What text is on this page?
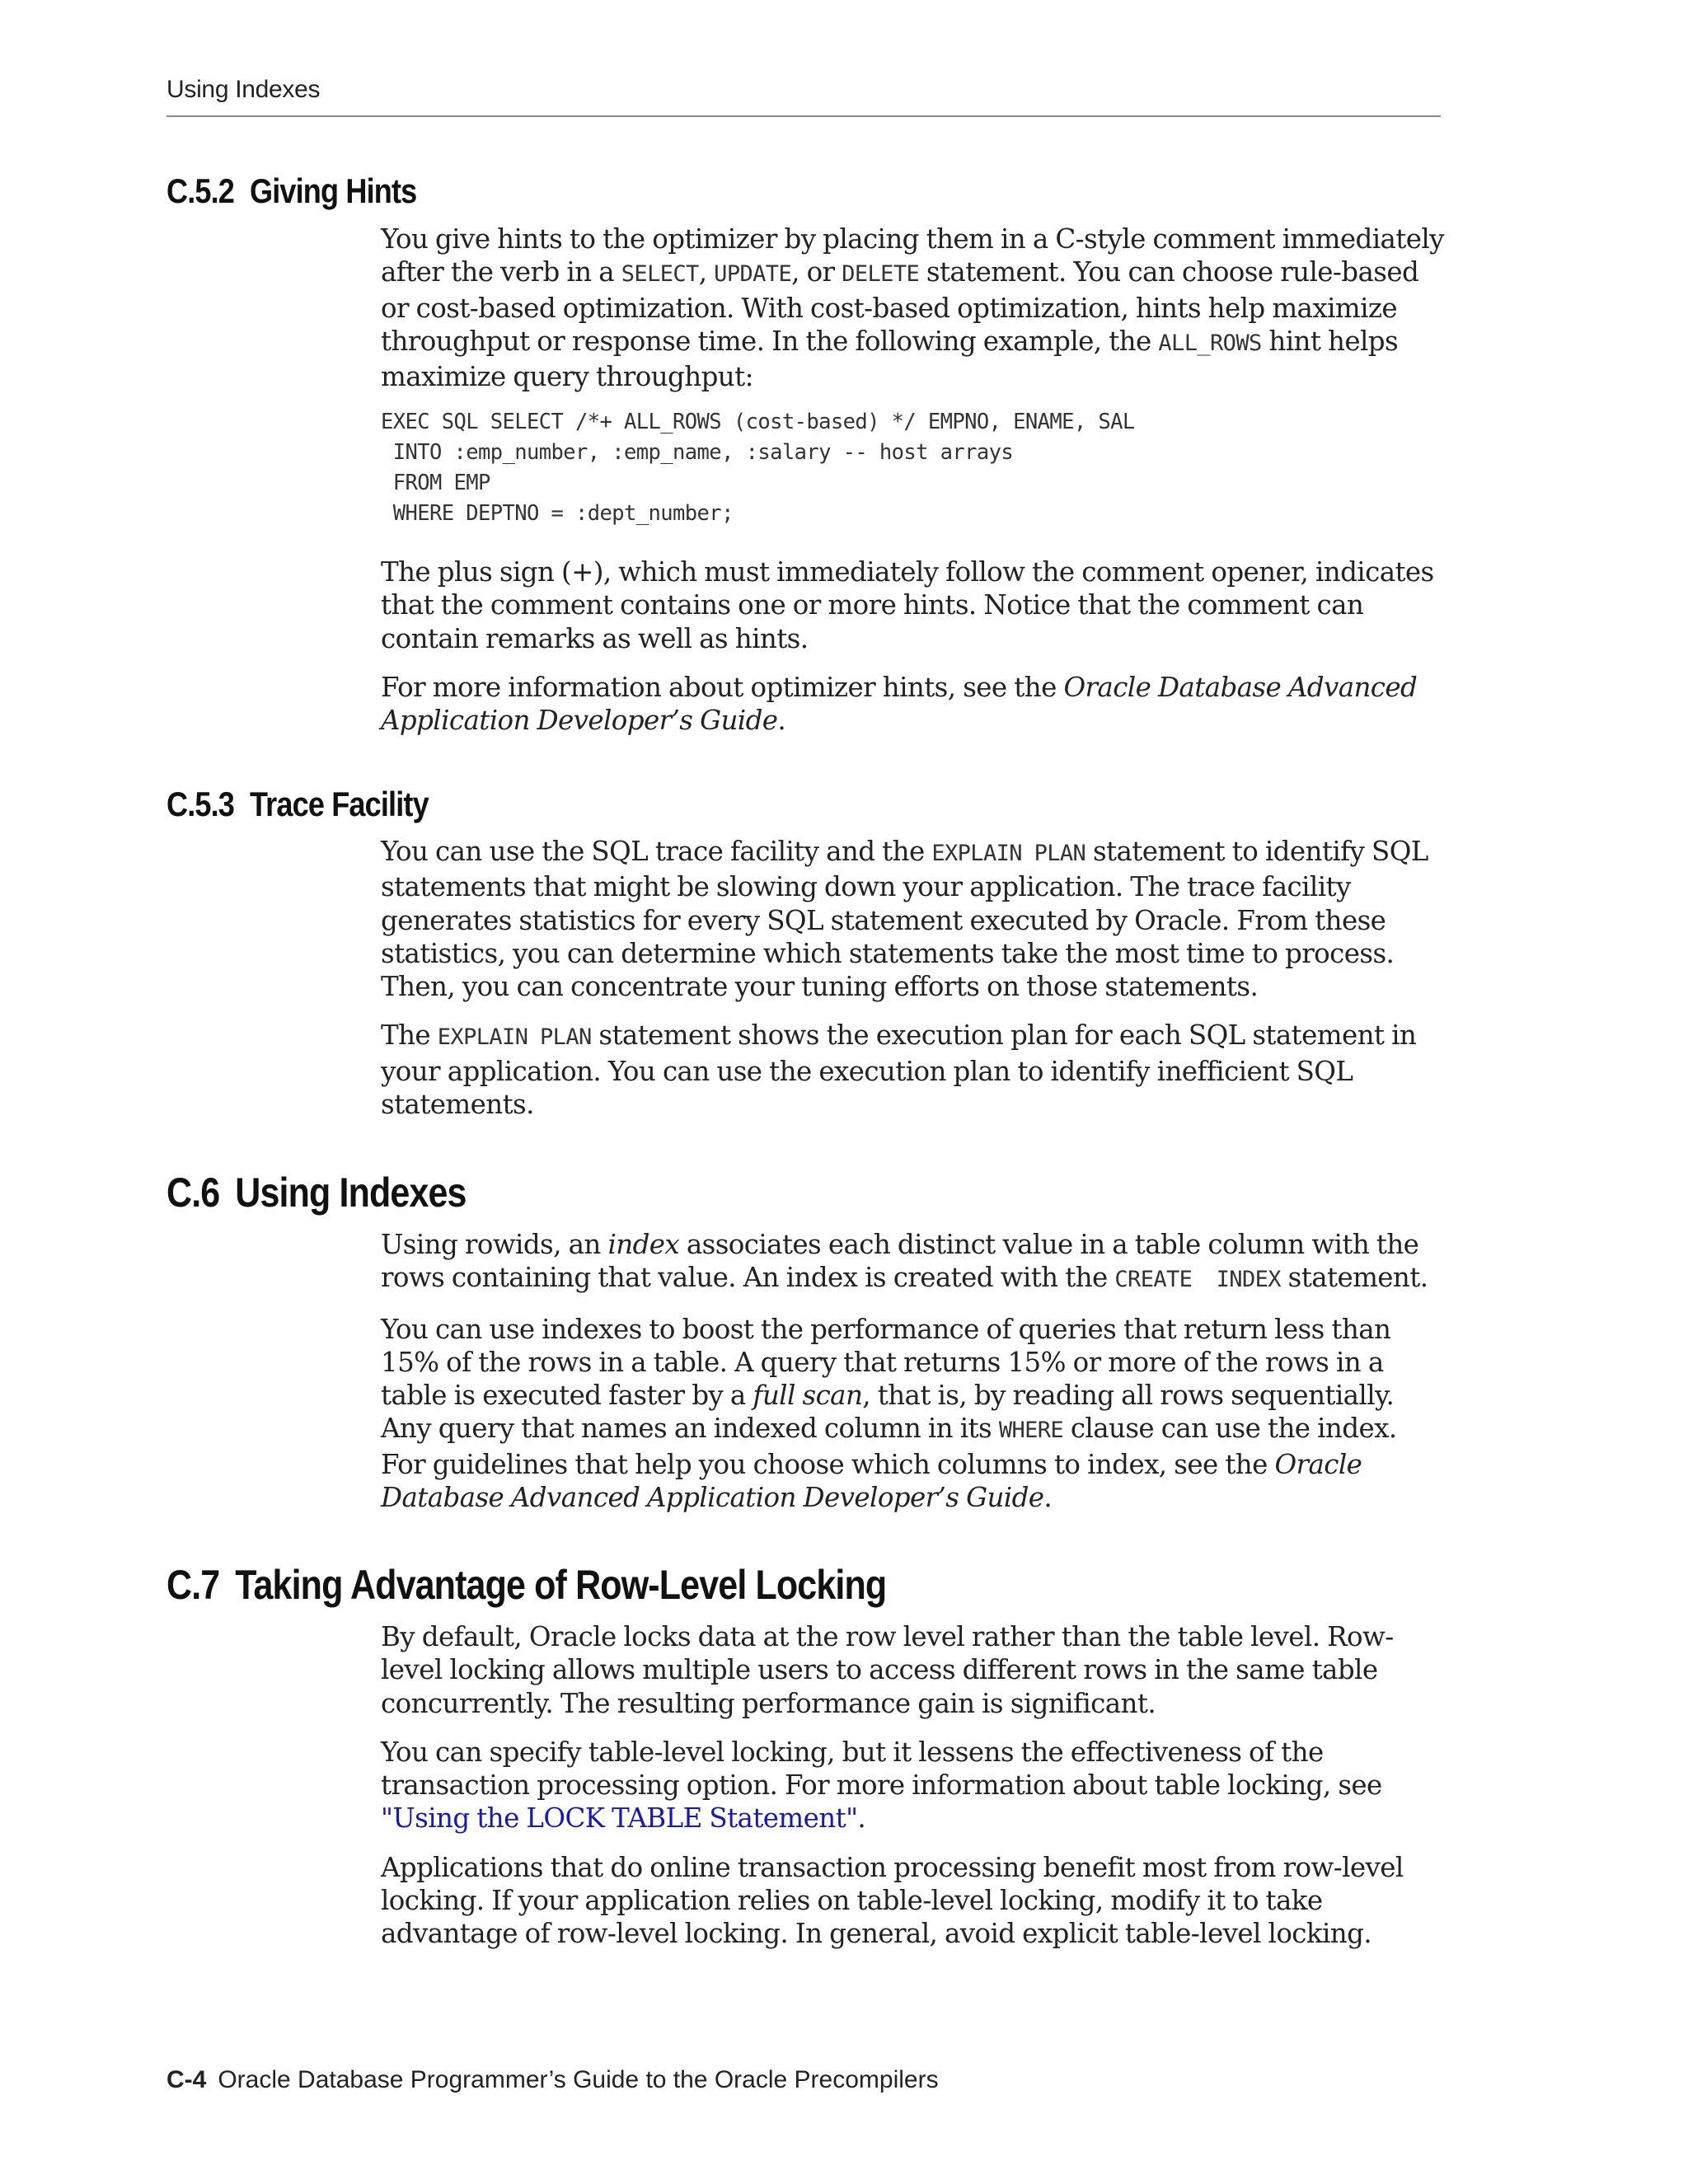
Using Indexes
C.5.2 Giving Hints

You give hints to the optimizer by placing them in a C-style comment immediately after the verb in a SELECT, UPDATE, or DELETE statement. You can choose rule-based or cost-based optimization. With cost-based optimization, hints help maximize throughput or response time. In the following example, the ALL_ROWS hint helps maximize query throughput:

EXEC SQL SELECT /*+ ALL_ROWS (cost-based) */ EMPNO, ENAME, SAL
INTO :emp_number, :emp_name, :salary -- host arrays
FROM EMP
WHERE DEPTNO = :dept_number;

The plus sign (+), which must immediately follow the comment opener, indicates that the comment contains one or more hints. Notice that the comment can contain remarks as well as hints.

For more information about optimizer hints, see the Oracle Database Advanced Application Developer’s Guide.

C.5.3 Trace Facility

You can use the SQL trace facility and the EXPLAIN PLAN statement to identify SQL statements that might be slowing down your application. The trace facility generates statistics for every SQL statement executed by Oracle. From these statistics, you can determine which statements take the most time to process. Then, you can concentrate your tuning efforts on those statements.

The EXPLAIN PLAN statement shows the execution plan for each SQL statement in your application. You can use the execution plan to identify inefficient SQL statements.

C.6 Using Indexes

Using rowids, an index associates each distinct value in a table column with the rows containing that value. An index is created with the CREATE  INDEX statement.

You can use indexes to boost the performance of queries that return less than 15% of the rows in a table. A query that returns 15% or more of the rows in a table is executed faster by a full scan, that is, by reading all rows sequentially. Any query that names an indexed column in its WHERE clause can use the index. For guidelines that help you choose which columns to index, see the Oracle Database Advanced Application Developer’s Guide.

C.7 Taking Advantage of Row-Level Locking

By default, Oracle locks data at the row level rather than the table level. Row-level locking allows multiple users to access different rows in the same table concurrently. The resulting performance gain is significant.

You can specify table-level locking, but it lessens the effectiveness of the transaction processing option. For more information about table locking, see "Using the LOCK TABLE Statement".

Applications that do online transaction processing benefit most from row-level locking. If your application relies on table-level locking, modify it to take advantage of row-level locking. In general, avoid explicit table-level locking.

C-4 Oracle Database Programmer’s Guide to the Oracle Precompilers
